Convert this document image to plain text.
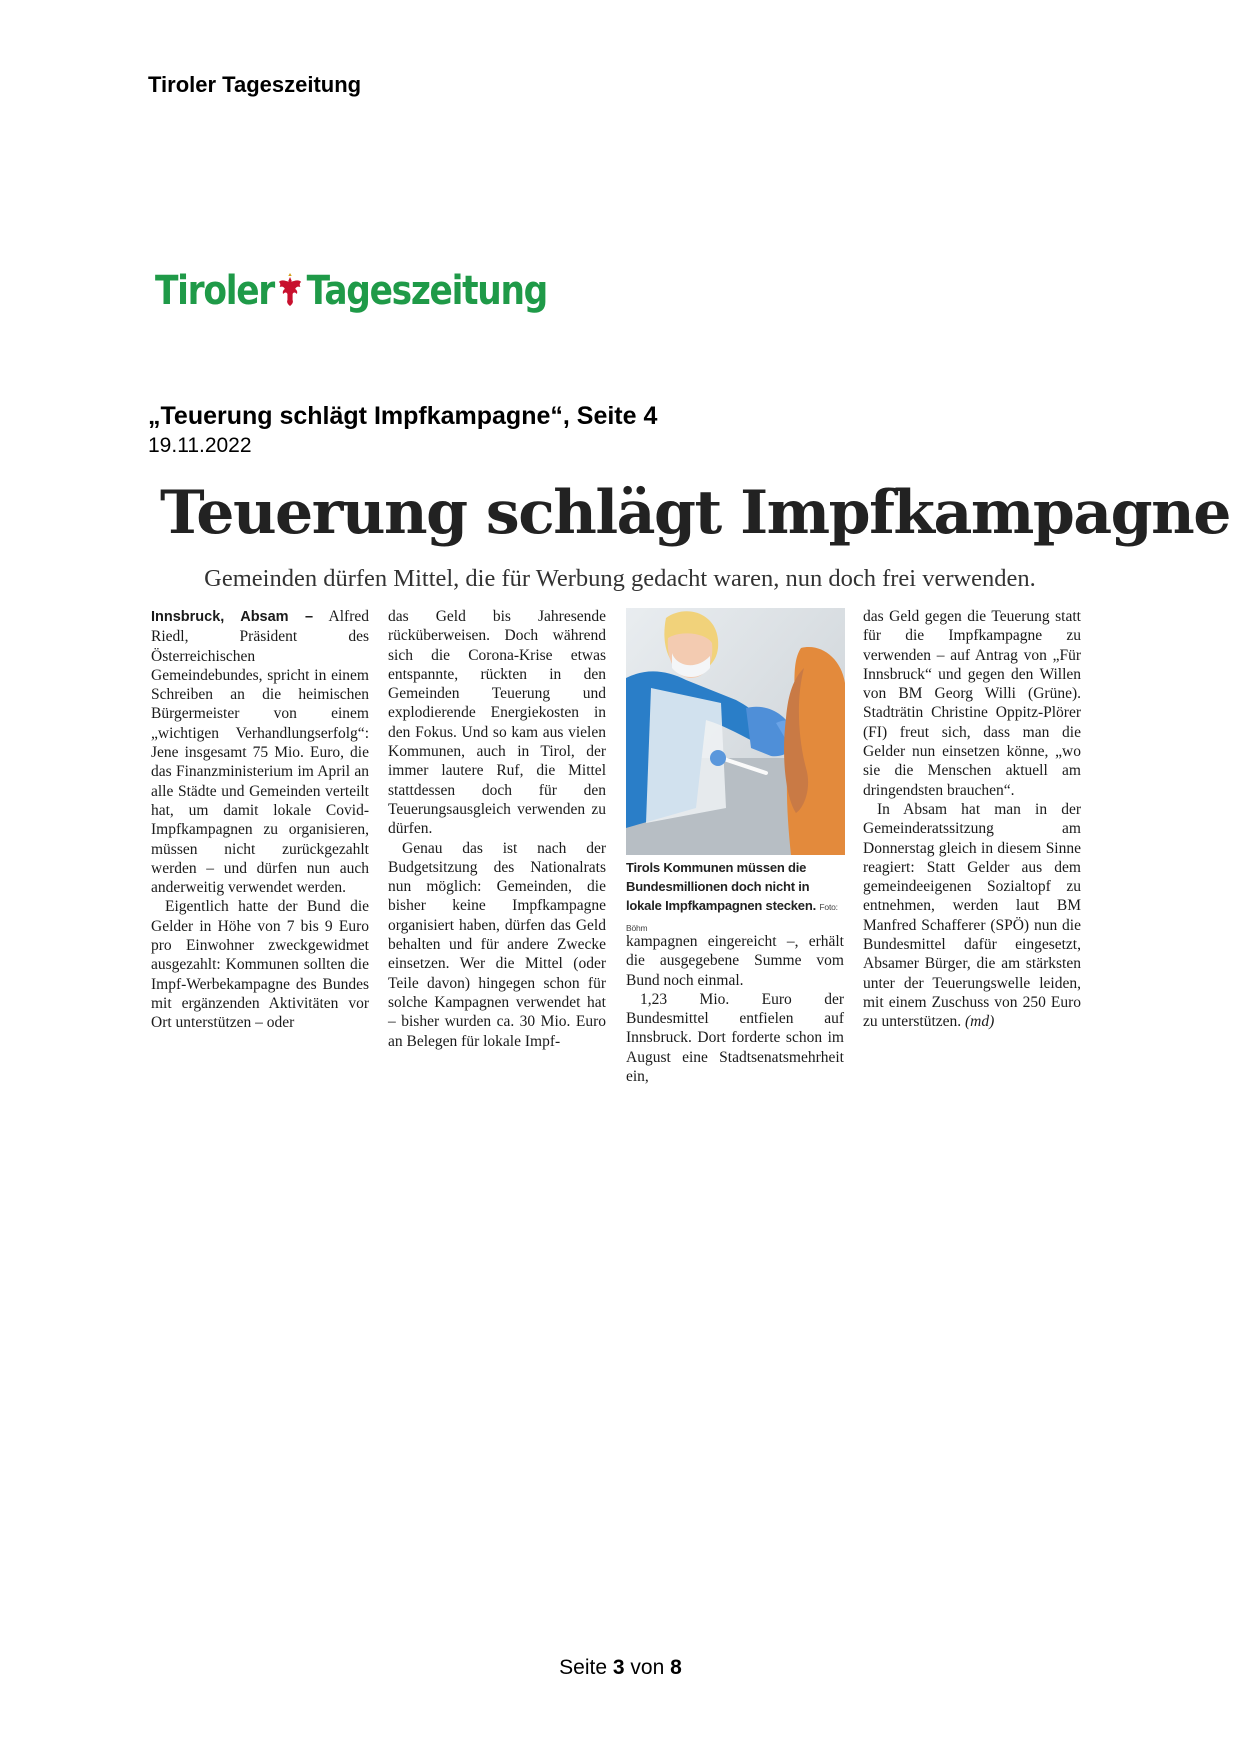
Tiroler Tageszeitung
Tiroler Tageszeitung
„Teuerung schlägt Impfkampagne“, Seite 4
19.11.2022
Teuerung schlägt Impfkampagne
Gemeinden dürfen Mittel, die für Werbung gedacht waren, nun doch frei verwenden.

Innsbruck, Absam – Alfred Riedl, Präsident des Österreichischen Gemeindebundes, spricht in einem Schreiben an die heimischen Bürgermeister von einem „wichtigen Verhandlungserfolg“: Jene insgesamt 75 Mio. Euro, die das Finanzministerium im April an alle Städte und Gemeinden verteilt hat, um damit lokale Covid-Impfkampagnen zu organisieren, müssen nicht zurückgezahlt werden – und dürfen nun auch anderweitig verwendet werden.

Eigentlich hatte der Bund die Gelder in Höhe von 7 bis 9 Euro pro Einwohner zweckgewidmet ausgezahlt: Kommunen sollten die Impf-Werbekampagne des Bundes mit ergänzenden Aktivitäten vor Ort unterstützen – oder

das Geld bis Jahresende rücküberweisen. Doch während sich die Corona-Krise etwas entspannte, rückten in den Gemeinden Teuerung und explodierende Energiekosten in den Fokus. Und so kam aus vielen Kommunen, auch in Tirol, der immer lautere Ruf, die Mittel stattdessen doch für den Teuerungsausgleich verwenden zu dürfen.

Genau das ist nach der Budgetsitzung des Nationalrats nun möglich: Gemeinden, die bisher keine Impfkampagne organisiert haben, dürfen das Geld behalten und für andere Zwecke einsetzen. Wer die Mittel (oder Teile davon) hingegen schon für solche Kampagnen verwendet hat – bisher wurden ca. 30 Mio. Euro an Belegen für lokale Impf-

Tirols Kommunen müssen die Bundesmillionen doch nicht in lokale Impfkampagnen stecken. Foto: Böhm

kampagnen eingereicht –, erhält die ausgegebene Summe vom Bund noch einmal.

1,23 Mio. Euro der Bundesmittel entfielen auf Innsbruck. Dort forderte schon im August eine Stadtsenatsmehrheit ein,

das Geld gegen die Teuerung statt für die Impfkampagne zu verwenden – auf Antrag von „Für Innsbruck“ und gegen den Willen von BM Georg Willi (Grüne). Stadträtin Christine Oppitz-Plörer (FI) freut sich, dass man die Gelder nun einsetzen könne, „wo sie die Menschen aktuell am dringendsten brauchen“.

In Absam hat man in der Gemeinderatssitzung am Donnerstag gleich in diesem Sinne reagiert: Statt Gelder aus dem gemeindeeigenen Sozialtopf zu entnehmen, werden laut BM Manfred Schafferer (SPÖ) nun die Bundesmittel dafür eingesetzt, Absamer Bürger, die am stärksten unter der Teuerungswelle leiden, mit einem Zuschuss von 250 Euro zu unterstützen. (md)

Seite 3 von 8
